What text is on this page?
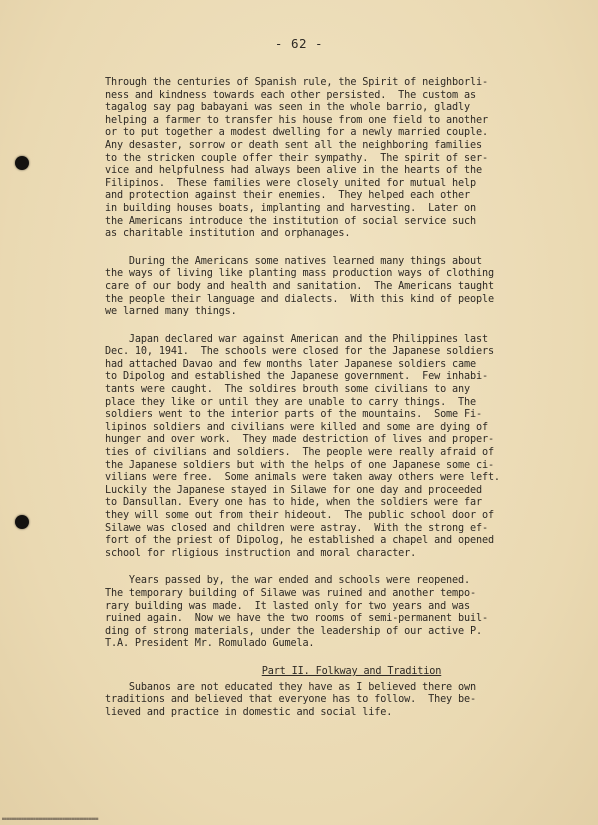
- 62 -
Through the centuries of Spanish rule, the Spirit of neighborli-
ness and kindness towards each other persisted.  The custom as
tagalog say pag babayani was seen in the whole barrio, gladly
helping a farmer to transfer his house from one field to another
or to put together a modest dwelling for a newly married couple.
Any desaster, sorrow or death sent all the neighboring families
to the stricken couple offer their sympathy.  The spirit of ser-
vice and helpfulness had always been alive in the hearts of the
Filipinos.  These families were closely united for mutual help
and protection against their enemies.  They helped each other
in building houses boats, implanting and harvesting.  Later on
the Americans introduce the institution of social service such
as charitable institution and orphanages.
During the Americans some natives learned many things about
the ways of living like planting mass production ways of clothing
care of our body and health and sanitation.  The Americans taught
the people their language and dialects.  With this kind of people
we larned many things.
Japan declared war against American and the Philippines last
Dec. 10, 1941.  The schools were closed for the Japanese soldiers
had attached Davao and few months later Japanese soldiers came
to Dipolog and established the Japanese government.  Few inhabi-
tants were caught.  The soldires brouth some civilians to any
place they like or until they are unable to carry things.  The
soldiers went to the interior parts of the mountains.  Some Fi-
lipinos soldiers and civilians were killed and some are dying of
hunger and over work.  They made destriction of lives and proper-
ties of civilians and soldiers.  The people were really afraid of
the Japanese soldiers but with the helps of one Japanese some ci-
vilians were free.  Some animals were taken away others were left.
Luckily the Japanese stayed in Silawe for one day and proceeded
to Dansullan. Every one has to hide, when the soldiers were far
they will some out from their hideout.  The public school door of
Silawe was closed and children were astray.  With the strong ef-
fort of the priest of Dipolog, he established a chapel and opened
school for rligious instruction and moral character.
Years passed by, the war ended and schools were reopened.
The temporary building of Silawe was ruined and another tempo-
rary building was made.  It lasted only for two years and was
ruined again.  Now we have the two rooms of semi-permanent buil-
ding of strong materials, under the leadership of our active P.
T.A. President Mr. Romulado Gumela.
Part II. Folkway and Tradition
Subanos are not educated they have as I believed there own
traditions and believed that everyone has to follow.  They be-
lieved and practice in domestic and social life.
■■■■■■■■■■■■■■■■■■■■■■■■■■■■■■■■■■■■■■■■
